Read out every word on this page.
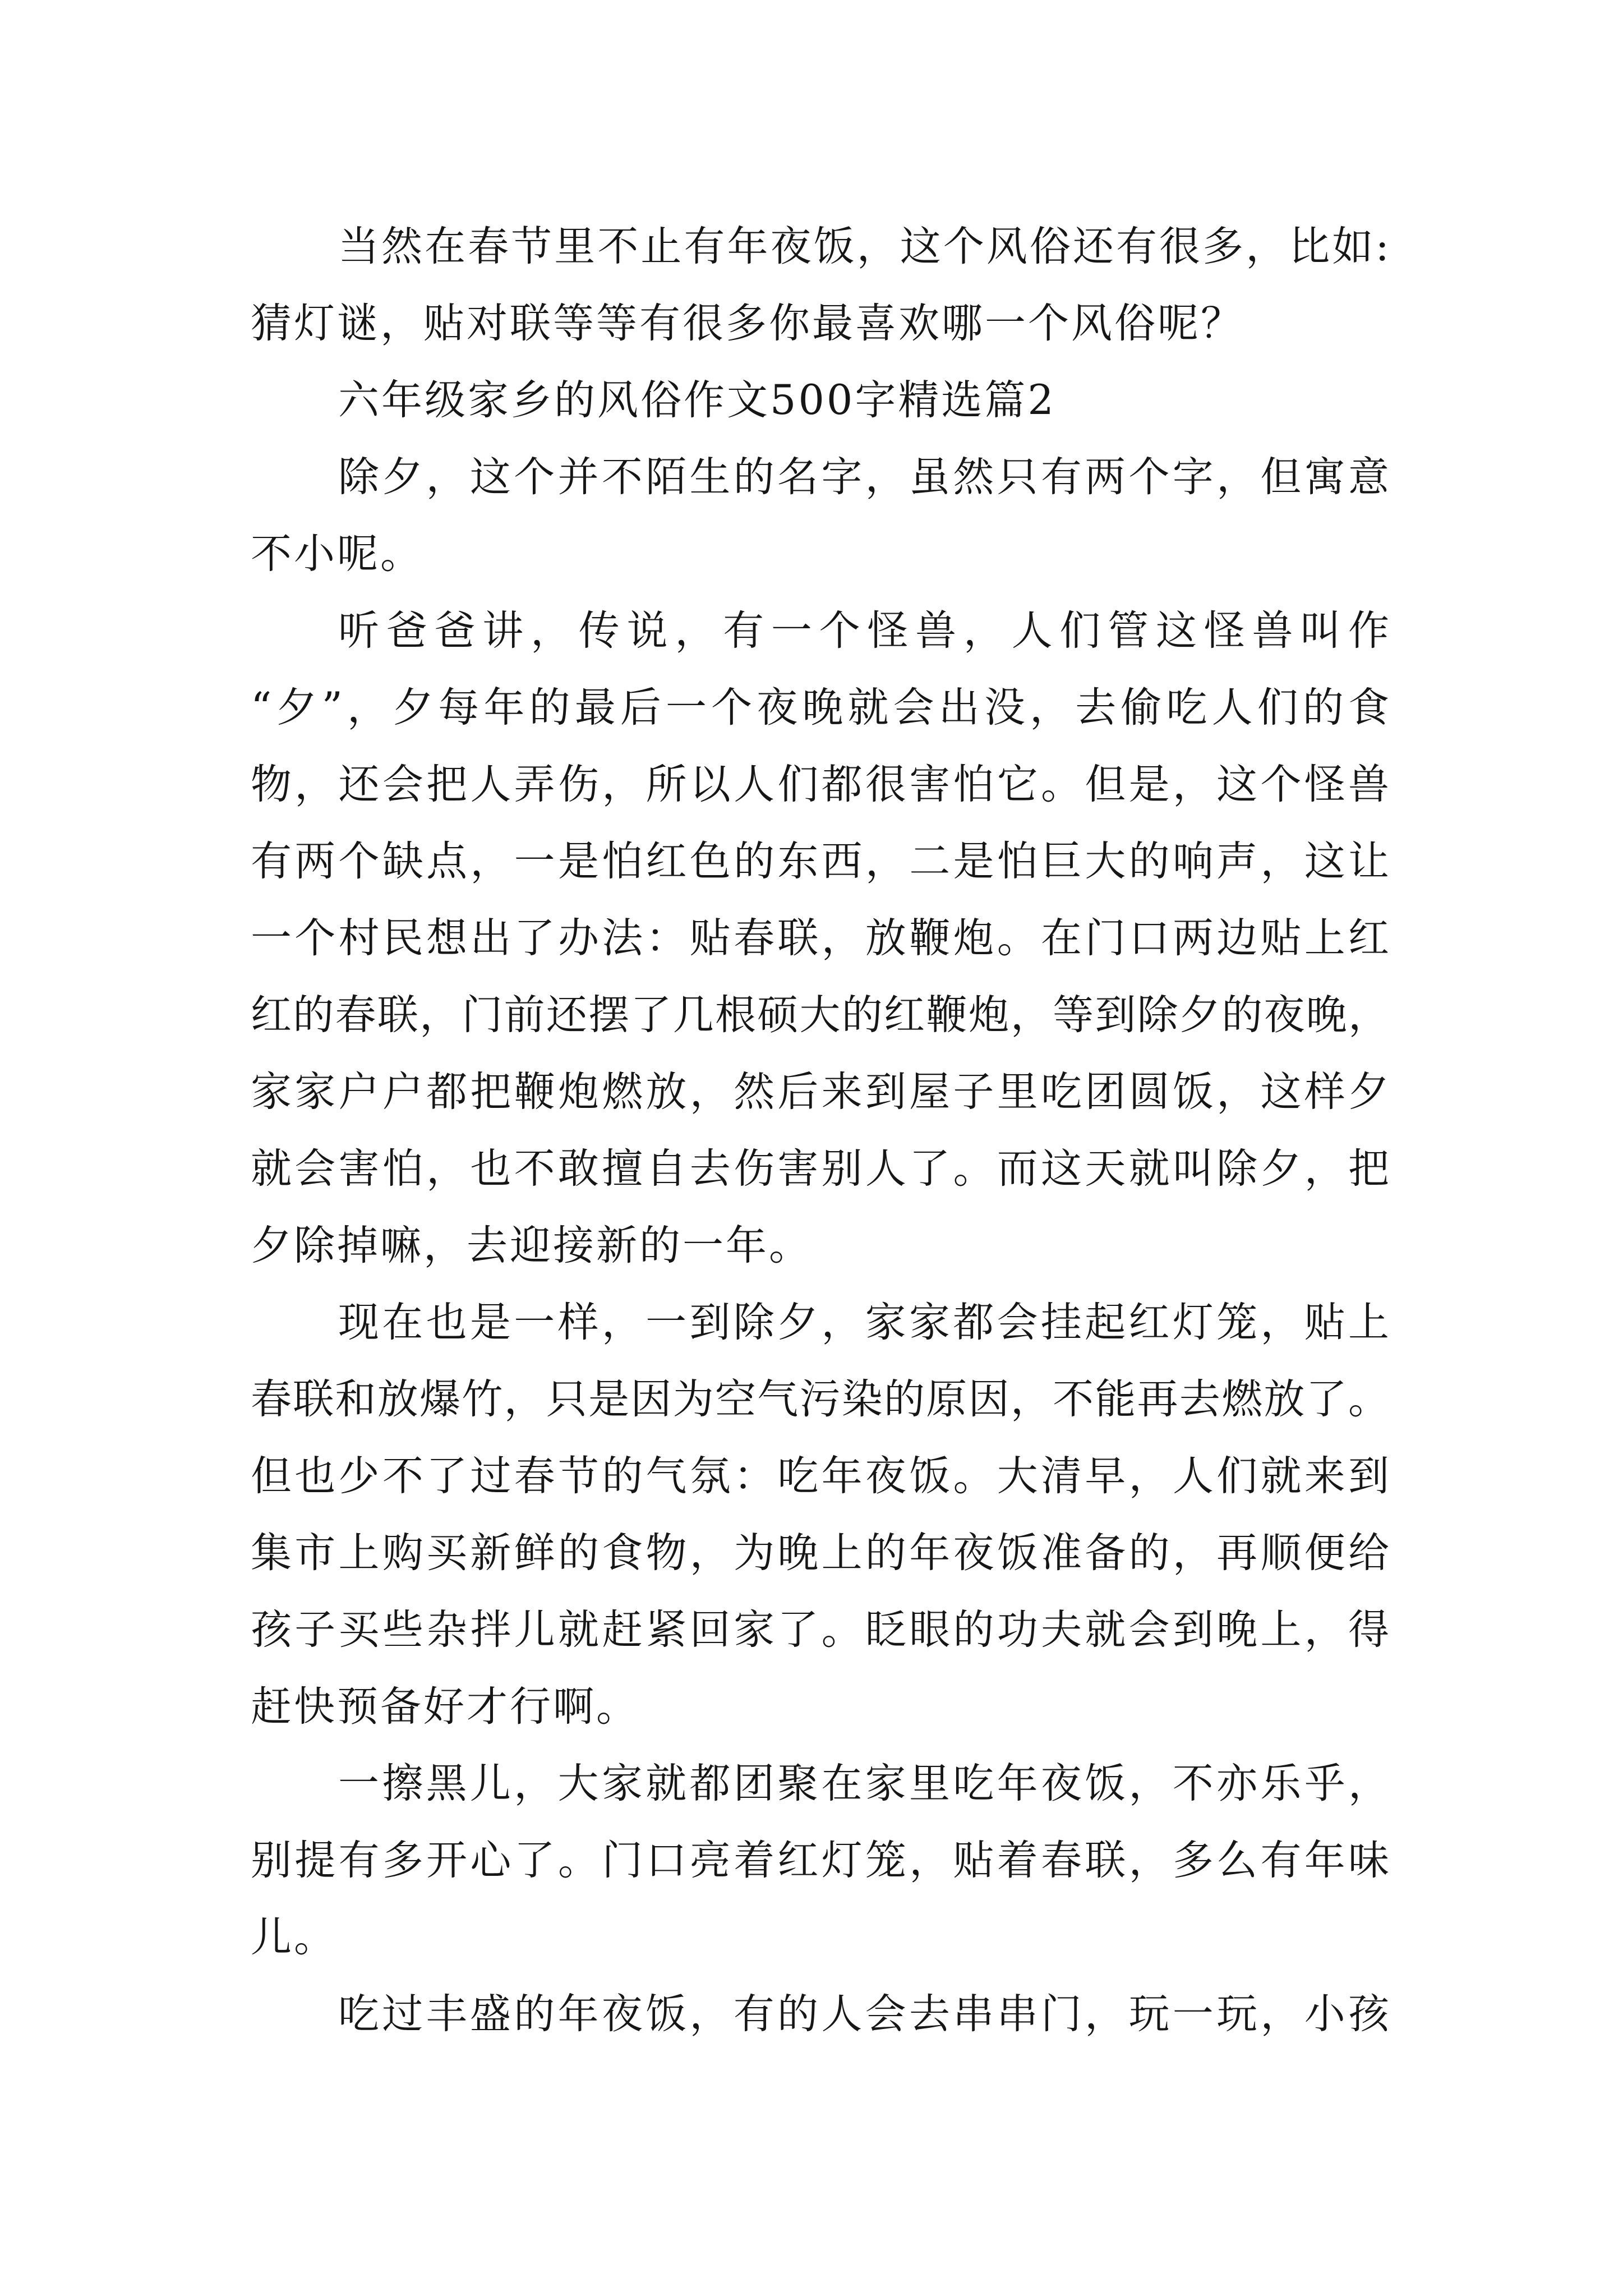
当然在春节里不止有年夜饭，这个风俗还有很多，比如:
猜灯谜，贴对联等等有很多你最喜欢哪一个风俗呢？
六年级家乡的风俗作文500字精选篇2
除夕，这个并不陌生的名字，虽然只有两个字，但寓意
不小呢。
听爸爸讲，传说，有一个怪兽，人们管这怪兽叫作
“夕”，夕每年的最后一个夜晚就会出没，去偷吃人们的食
物，还会把人弄伤，所以人们都很害怕它。但是，这个怪兽
有两个缺点，一是怕红色的东西，二是怕巨大的响声，这让
一个村民想出了办法：贴春联，放鞭炮。在门口两边贴上红
红的春联，门前还摆了几根硕大的红鞭炮，等到除夕的夜晚，
家家户户都把鞭炮燃放，然后来到屋子里吃团圆饭，这样夕
就会害怕，也不敢擅自去伤害别人了。而这天就叫除夕，把
夕除掉嘛，去迎接新的一年。
现在也是一样，一到除夕，家家都会挂起红灯笼，贴上
春联和放爆竹，只是因为空气污染的原因，不能再去燃放了。
但也少不了过春节的气氛：吃年夜饭。大清早，人们就来到
集市上购买新鲜的食物，为晚上的年夜饭准备的，再顺便给
孩子买些杂拌儿就赶紧回家了。眨眼的功夫就会到晚上，得
赶快预备好才行啊。
一擦黑儿，大家就都团聚在家里吃年夜饭，不亦乐乎，
别提有多开心了。门口亮着红灯笼，贴着春联，多么有年味
儿。
吃过丰盛的年夜饭，有的人会去串串门，玩一玩，小孩
